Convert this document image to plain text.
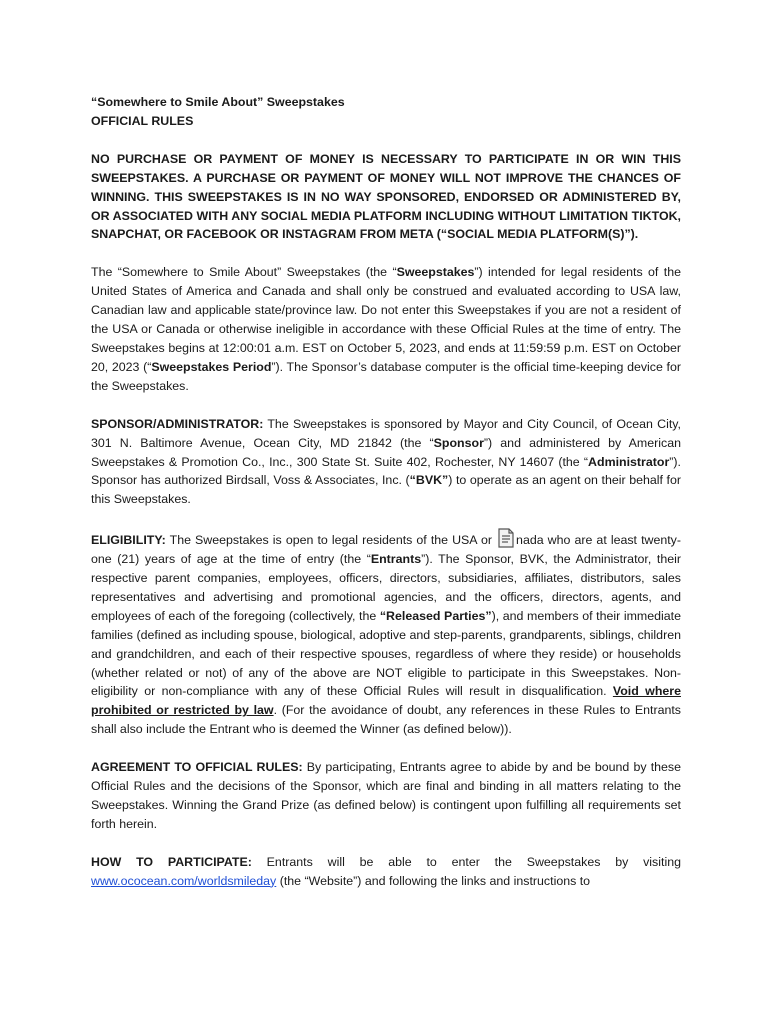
“Somewhere to Smile About” Sweepstakes

OFFICIAL RULES

NO PURCHASE OR PAYMENT OF MONEY IS NECESSARY TO PARTICIPATE IN OR WIN THIS SWEEPSTAKES. A PURCHASE OR PAYMENT OF MONEY WILL NOT IMPROVE THE CHANCES OF WINNING. THIS SWEEPSTAKES IS IN NO WAY SPONSORED, ENDORSED OR ADMINISTERED BY, OR ASSOCIATED WITH ANY SOCIAL MEDIA PLATFORM INCLUDING WITHOUT LIMITATION TIKTOK, SNAPCHAT, OR FACEBOOK OR INSTAGRAM FROM META (“SOCIAL MEDIA PLATFORM(S)”).

The “Somewhere to Smile About” Sweepstakes (the “Sweepstakes”) intended for legal residents of the United States of America and Canada and shall only be construed and evaluated according to USA law, Canadian law and applicable state/province law. Do not enter this Sweepstakes if you are not a resident of the USA or Canada or otherwise ineligible in accordance with these Official Rules at the time of entry. The Sweepstakes begins at 12:00:01 a.m. EST on October 5, 2023, and ends at 11:59:59 p.m. EST on October 20, 2023 (“Sweepstakes Period”). The Sponsor’s database computer is the official time-keeping device for the Sweepstakes.

SPONSOR/ADMINISTRATOR: The Sweepstakes is sponsored by Mayor and City Council, of Ocean City, 301 N. Baltimore Avenue, Ocean City, MD 21842 (the “Sponsor”) and administered by American Sweepstakes & Promotion Co., Inc., 300 State St. Suite 402, Rochester, NY 14607 (the “Administrator”). Sponsor has authorized Birdsall, Voss & Associates, Inc. (“BVK”) to operate as an agent on their behalf for this Sweepstakes.

ELIGIBILITY: The Sweepstakes is open to legal residents of the USA or
nada who are at least twenty-one (21) years of age at the time of entry (the “Entrants”). The Sponsor, BVK, the Administrator, their respective parent companies, employees, officers, directors, subsidiaries, affiliates, distributors, sales representatives and advertising and promotional agencies, and the officers, directors, agents, and employees of each of the foregoing (collectively, the “Released Parties”), and members of their immediate families (defined as including spouse, biological, adoptive and step-parents, grandparents, siblings, children and grandchildren, and each of their respective spouses, regardless of where they reside) or households (whether related or not) of any of the above are NOT eligible to participate in this Sweepstakes. Non-eligibility or non-compliance with any of these Official Rules will result in disqualification. Void where prohibited or restricted by law. (For the avoidance of doubt, any references in these Rules to Entrants shall also include the Entrant who is deemed the Winner (as defined below)).

AGREEMENT TO OFFICIAL RULES: By participating, Entrants agree to abide by and be bound by these Official Rules and the decisions of the Sponsor, which are final and binding in all matters relating to the Sweepstakes. Winning the Grand Prize (as defined below) is contingent upon fulfilling all requirements set forth herein.

HOW TO PARTICIPATE: Entrants will be able to enter the Sweepstakes by visiting www.ococean.com/worldsmileday (the “Website”) and following the links and instructions to
